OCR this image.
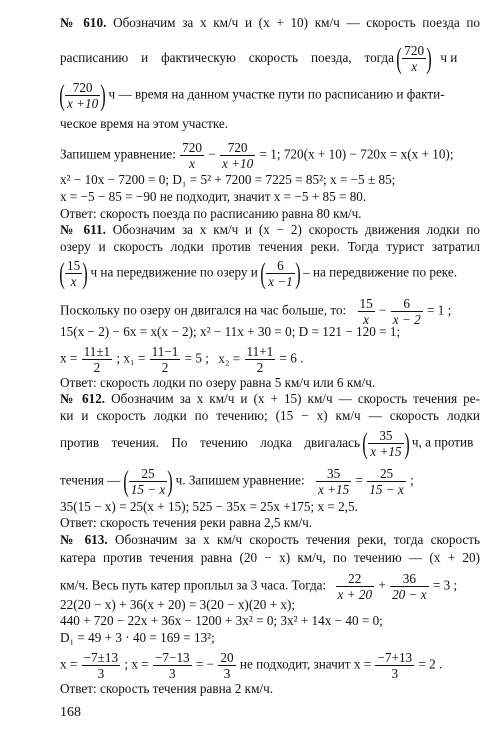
№ 610. Обозначим за x км/ч и (x + 10) км/ч — скорость поезда по
расписанию и фактическую скорость поезда, тогда ( $\frac{720}{x}$ ) ч и
( $\frac{720}{x +10}$ ) ч — время на данном участке пути по расписанию и факти-
ческое время на этом участке.
Запишем уравнение: $\frac{720}{x} - \frac{720}{x +10} = 1$; 720(x + 10) − 720x = x(x + 10);
x² − 10x − 7200 = 0; D₁ = 5² + 7200 = 7225 = 85²; x = −5 ± 85;
x = −5 − 85 = −90 не подходит, значит x = −5 + 85 = 80.
Ответ: скорость поезда по расписанию равна 80 км/ч.
№ 611. Обозначим за x км/ч и (x − 2) скорость движения лодки по
озеру и скорость лодки против течения реки. Тогда турист затратил
( $\frac{15}{x}$ ) ч на передвижение по озеру и ( $\frac{6}{x -1}$ ) – на передвижение по реке.
Поскольку по озеру он двигался на час больше, то: $\frac{15}{x} - \frac{6}{x - 2} = 1$ ;
15(x − 2) − 6x = x(x − 2); x² − 11x + 30 = 0; D = 121 − 120 = 1;
$x = \frac{11\pm 1}{2}$ ; $x_1 = \frac{11-1}{2} = 5$ ; $x_2 = \frac{11+1}{2} = 6$ .
Ответ: скорость лодки по озеру равна 5 км/ч или 6 км/ч.
№ 612. Обозначим за x км/ч и (x + 15) км/ч — скорость течения ре-
ки и скорость лодки по течению; (15 − x) км/ч — скорость лодки
против течения. По течению лодка двигалась ( $\frac{35}{x +15}$ ) ч, а против
течения — ( $\frac{25}{15 - x}$ ) ч. Запишем уравнение: $\frac{35}{x +15} = \frac{25}{15 - x}$ ;
35(15 − x) = 25(x + 15); 525 − 35x = 25x +175; x = 2,5.
Ответ: скорость течения реки равна 2,5 км/ч.
№ 613. Обозначим за x км/ч скорость течения реки, тогда скорость
катера против течения равна (20 − x) км/ч, по течению — (x + 20)
км/ч. Весь путь катер проплыл за 3 часа. Тогда: $\frac{22}{x + 20} + \frac{36}{20 - x} = 3$ ;
22(20 − x) + 36(x + 20) = 3(20 − x)(20 + x);
440 + 720 − 22x + 36x − 1200 + 3x² = 0; 3x² + 14x − 40 = 0;
D₁ = 49 + 3 · 40 = 169 = 13²;
$x = \frac{-7\pm 13}{3}$ ; $x = \frac{-7-13}{3}$ = − $\frac{20}{3}$ не подходит, значит $x = \frac{-7+13}{3} = 2$ .
Ответ: скорость течения равна 2 км/ч.
168
